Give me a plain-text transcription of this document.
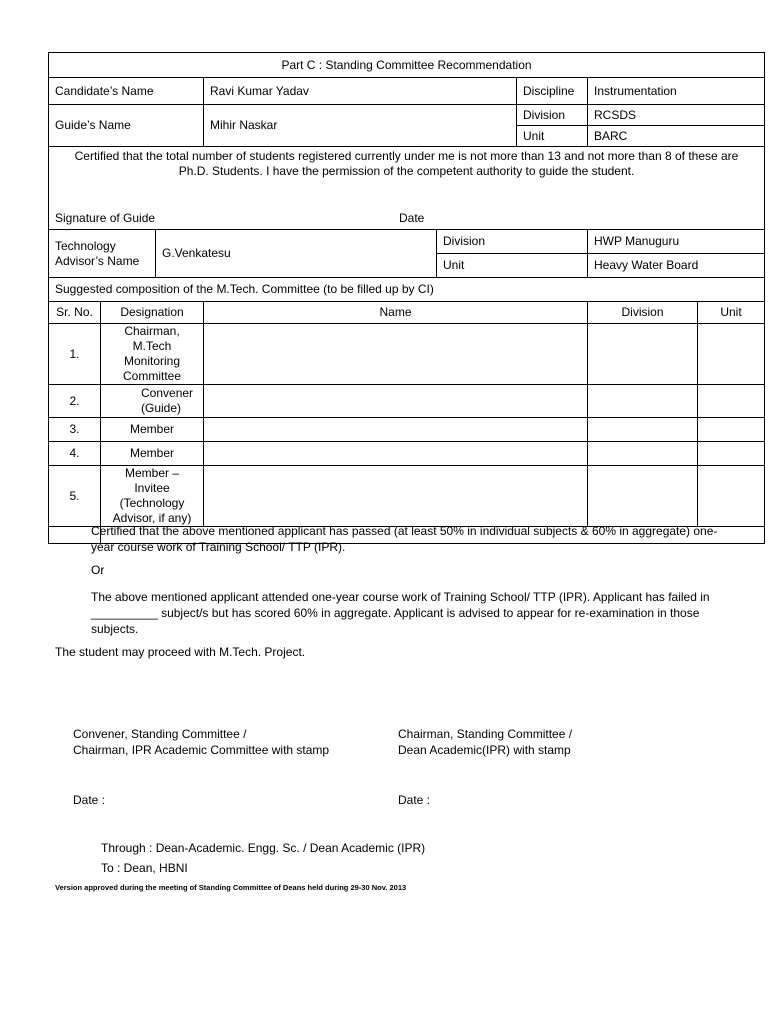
Part C : Standing Committee Recommendation							
Candidate’s Name			Ravi Kumar Yadav		Discipline	Instrumentation	
Guide’s Name			Mihir Naskar		Division	RCSDS	
					Unit	BARC	

Certified that the total number of students registered currently under me is not more than 13 and not more than 8 of these are Ph.D. Students. I have the permission of the competent authority to guide the student.
Signature of Guide Date							

Technology Advisor’s Name		G.Venkatesu		Division		HWP Manuguru	
				Unit		Heavy Water Board	
Suggested composition of the M.Tech. Committee (to be filled up by CI)							
Sr. No.	Designation		Name			Division	Unit
1.	Chairman, M.Tech Monitoring Committee						
2.	Convener (Guide)						
3.	Member						
4.	Member						
5.	Member – Invitee (Technology Advisor, if any)						

Certified that the above mentioned applicant has passed (at least 50% in individual subjects & 60% in aggregate) one-year course work of Training School/ TTP (IPR).
Or
The above mentioned applicant attended one-year course work of Training School/ TTP (IPR). Applicant has failed in __________ subject/s but has scored 60% in aggregate. Applicant is advised to appear for re-examination in those subjects.
The student may proceed with M.Tech. Project.
Convener, Standing Committee /
Chairman, IPR Academic Committee with stamp
Chairman, Standing Committee /
Dean Academic(IPR) with stamp
Date :	Date :
Through : Dean-Academic. Engg. Sc. / Dean Academic (IPR)
To : Dean, HBNI
Version approved during the meeting of Standing Committee of Deans held during 29-30 Nov. 2013
